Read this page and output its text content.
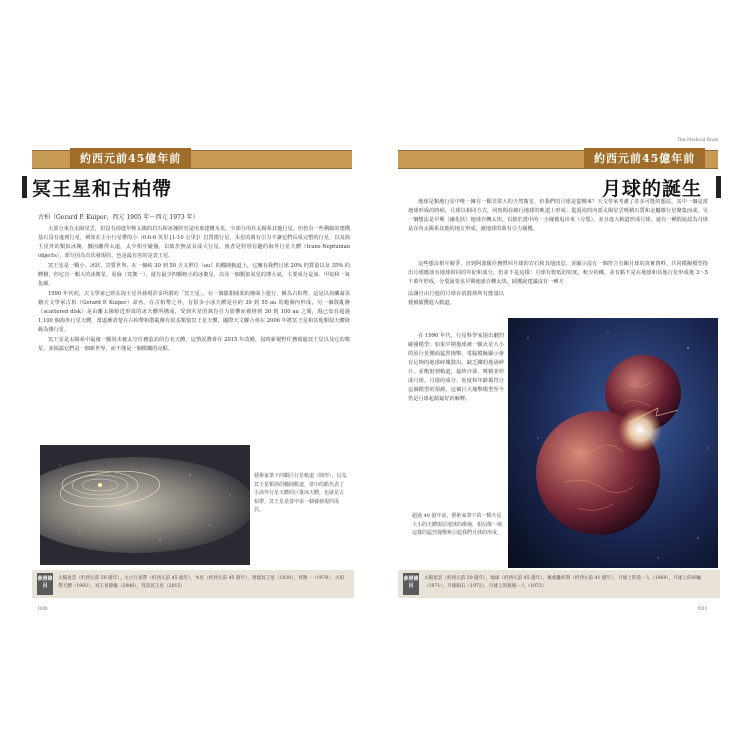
The Medical Book
約西元前45億年前
冥王星和古柏帶
古柏（Gerard P. Kuiper，西元 1905 年～西元 1973 年）

大部分來自太陽星雲，但沒有掉進年輕太陽的岩石和冰塊終究是用來建構木星，少部分用在太陽系其他行星，但仍有一些剩餘的建構基石沒有進到行星，例如在主小行星帶的小（0.6-6 英里 [1-10 公里]）岩質微行星，木星的萬有引力不讓它們長成完整的行星，以及海王星外的類似冰塊，挪因離得太遠，太少相互碰撞，以致於無法長成大行星。後者是特別有趣的海外行星天體（trans-Neptunian objects），部分因為首次發現的，也是最有名的是冥王星。

冥王星是一顆小、冰狀、岩質世界，在一個約 30 到 50 天文單位（au）的橢圓軌道上，它擁有我們月球 20% 的質量以及 35% 的體積，但它有一顆大的冰衛星，夏倫（冥衛一），還有最少四顆較小的冰衛星，以及一個類似氣星的薄大氣，主要成分是氮、甲烷和一氧化碳。

1990 年代初，天文學家已經在海王星外發現許多所謂的「冥王星」，在一個甜甜圈狀的盤面上運行，稱為古柏帶。這是以荷蘭裔美籍天文學家古柏（Gerard P. Kuiper）命名。在古柏帶之外，有很多小冰天體是在約 30 到 55 au 的範圍內形成，另一個散亂盤（scattered disk）是由離太陽較近形成的冰天體所構成，受到木星的萬有引力影響而被推到 30 到 100 au 之間，現已知有超過 1,100 個海外行星天體，當逐漸清楚在古柏帶和散亂盤有很多類似冥王星天體，國際天文聯合會在 2006 年將冥王星和其他類似天體降級為矮行星。

冥王星是太陽系中最後一顆尚未被太空任務造訪的有名天體，這情況將會在 2015 年改變，屆時新視野任務飛過冥王星以及它的衛星，並揭露它們是一個新世界，而不僅是一個模糊的亮點。

藝術家筆下四顆巨行星軌道（圓形），以及冥王星類斜的橢圓軌道，當中的點代表了小海外行星天體的巨量冰天體，也就是古柏帶，冥王星是當中第一個被發現的成員。
參照條目
太陽星雲（約西元前 50 億年），主小行星帶（約西元前 45 億年），木星（約西元前 45 億年），發現冥王星（1930），冥衛一（1978），古柏帶天體（1992），冥王星降級（2006），拜訪冥王星（2015）
030
約西元前45億年前
月球的誕生

地球是類地行星中唯一擁有一顆非常大的天然衛星，但我們的月球是從哪來？天文學家考慮了許多可能的想法，其中一個是當地球形成的時候，月球以相同方式，同時間在繞行地球的軌道上形成；從混沌的內部太陽星雲吸積石質和金屬微行星聚集而成。另一個想法是早期（融化狀）地球自轉太快，以致於當中的一小塊被甩出來（分裂），並且進入軌道形成月球，還有一種假說認為月球是在內太陽系其他的地方形成，被地球的萬有引力捕獲。

這些想法相互競爭，直到阿波羅任務帶回月球的岩石和其他訊息，並顯示沒有一個符合有關月球的真實資料。共同模擬模型指出月球應該有地球相同的年紀和成分，但並不是這樣：月球有較低的密度，較少的鐵，並有點不是在地球和其他行星形成後 3～5 千萬年形成，分裂說要求早期地球自轉太快，捕獲說建議沒有一種方

法讓自由行進的月球在消散掉所有能量以便被捕獲進入軌道。

在 1990 年代，行星科學家提出劇烈碰撞模型：如果早期地球被一顆火星大小的原行星側面猛烈撞擊，電腦模擬顯示會有足夠的地球碎塊散出，缺乏鐵的地函碎片，並飽射到軌道，最終冷卻，吸積並形成月球，月球的成分，密度和年齡都符合這個模型的預測，這個巨大撞擊模型至今仍是月球起源最好的解釋。

超過 40 億年前，藝術家筆下的一顆火星大小的天體與原地球的衝撞，相信像一場這樣的猛烈撞擊牽引起我們月球的形成。
參照條目
太陽星雲（約西元前 50 億年），地球（約西元前 45 億年），後重轟炸期（約西元前 41 億年），月球上的第一人（1969），月球上的車輛（1971），月球隕石（1972），月球上的最後一人（1972）
031
